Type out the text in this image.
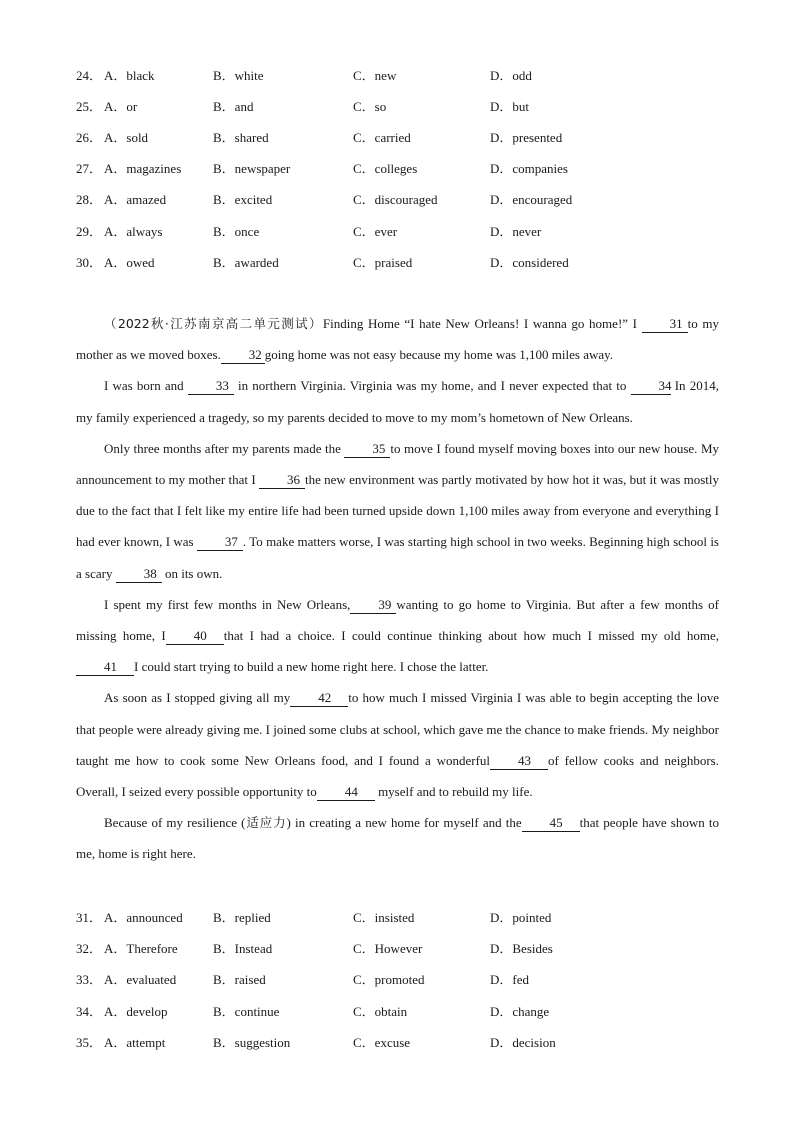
24． A．black	B．white	C．new	D．odd
25． A．or	B．and	C．so	D．but
26． A．sold	B．shared	C．carried	D．presented
27． A．magazines B．newspaper	C．colleges	D．companies
28． A．amazed	B．excited	C．discouraged	D．encouraged
29． A．always	B．once	C．ever	D．never
30． A．owed	B．awarded	C．praised	D．considered

（2022秋·江苏南京高二单元测试）Finding Home “I hate New Orleans! I wanna go home!” I 31 to my mother as we moved boxes. 32 going home was not easy because my home was 1,100 miles away.

I was born and 33 in northern Virginia. Virginia was my home, and I never expected that to 34 In 2014, my family experienced a tragedy, so my parents decided to move to my mom’s hometown of New Orleans.

Only three months after my parents made the 35 to move I found myself moving boxes into our new house. My announcement to my mother that I 36 the new environment was partly motivated by how hot it was, but it was mostly due to the fact that I felt like my entire life had been turned upside down 1,100 miles away from everyone and everything I had ever known, I was 37 . To make matters worse, I was starting high school in two weeks. Beginning high school is a scary 38 on its own.

I spent my first few months in New Orleans, 39 wanting to go home to Virginia. But after a few months of missing home, I 40 that I had a choice. I could continue thinking about how much I missed my old home, 41 I could start trying to build a new home right here. I chose the latter.

As soon as I stopped giving all my 42 to how much I missed Virginia I was able to begin accepting the love that people were already giving me. I joined some clubs at school, which gave me the chance to make friends. My neighbor taught me how to cook some New Orleans food, and I found a wonderful 43 of fellow cooks and neighbors. Overall, I seized every possible opportunity to 44 myself and to rebuild my life.

Because of my resilience (适应力) in creating a new home for myself and the 45 that people have shown to me, home is right here.

31． A．announced B．replied	C．insisted	D．pointed
32． A．Therefore	B．Instead	C．However	D．Besides
33． A．evaluated	B．raised	C．promoted	D．fed
34． A．develop	B．continue	C．obtain	D．change
35． A．attempt	B．suggestion	C．excuse	D．decision
